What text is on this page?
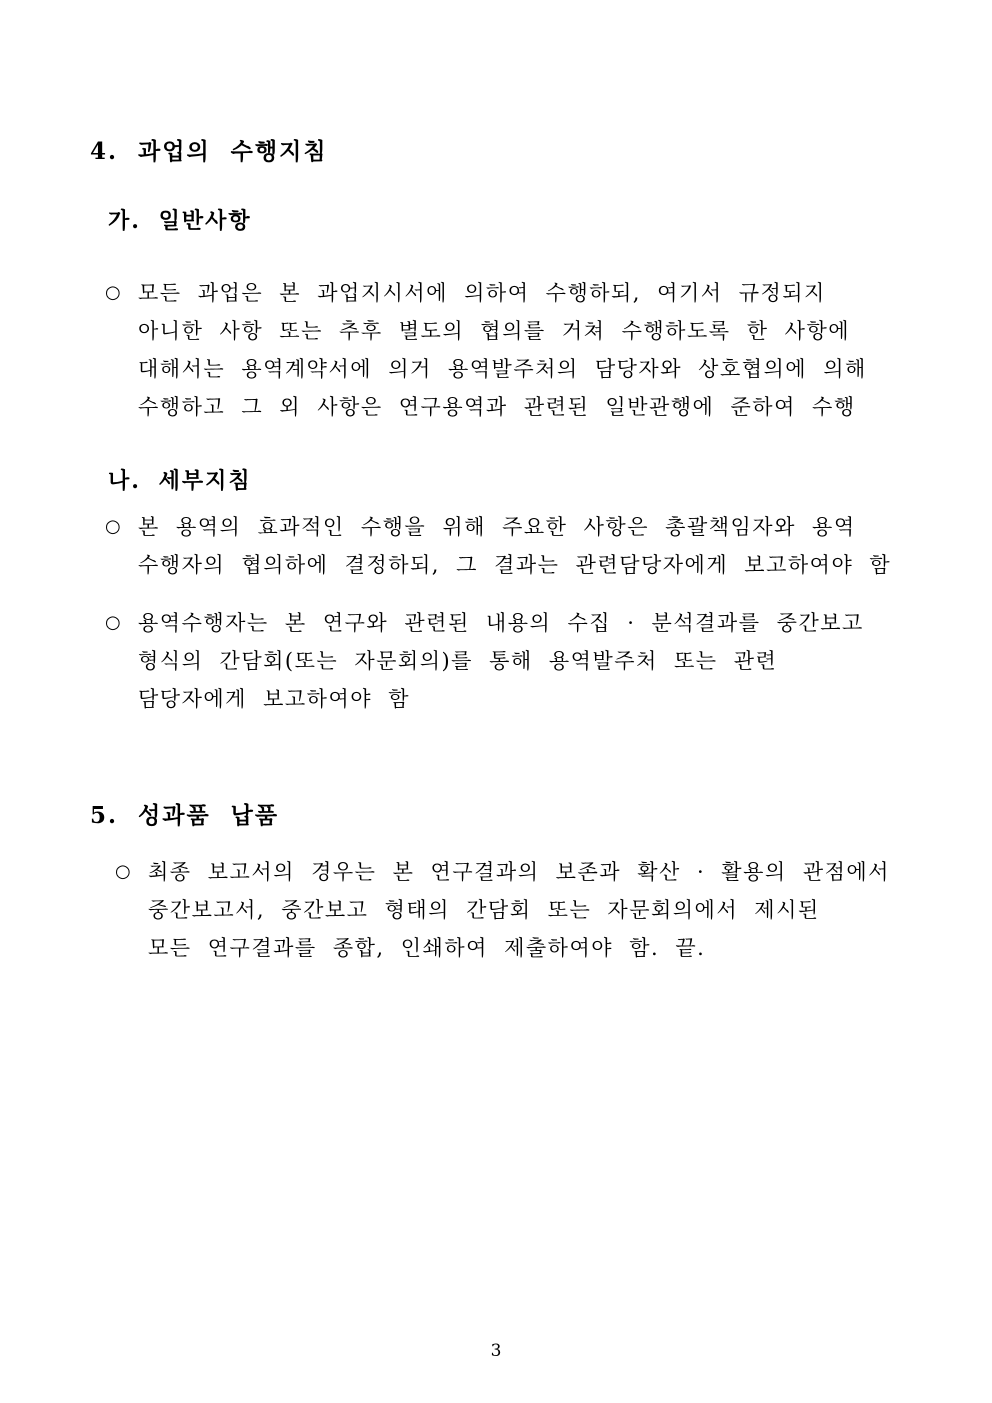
4. 과업의 수행지침
가. 일반사항
○ 모든 과업은 본 과업지시서에 의하여 수행하되, 여기서 규정되지
아니한 사항 또는 추후 별도의 협의를 거쳐 수행하도록 한 사항에
대해서는 용역계약서에 의거 용역발주처의 담당자와 상호협의에 의해
수행하고 그 외 사항은 연구용역과 관련된 일반관행에 준하여 수행
나. 세부지침
○ 본 용역의 효과적인 수행을 위해 주요한 사항은 총괄책임자와 용역
수행자의 협의하에 결정하되, 그 결과는 관련담당자에게 보고하여야 함
○ 용역수행자는 본 연구와 관련된 내용의 수집 · 분석결과를 중간보고
형식의 간담회(또는 자문회의)를 통해 용역발주처 또는 관련
담당자에게 보고하여야 함
5. 성과품 납품
○ 최종 보고서의 경우는 본 연구결과의 보존과 확산 · 활용의 관점에서
중간보고서, 중간보고 형태의 간담회 또는 자문회의에서 제시된
모든 연구결과를 종합, 인쇄하여 제출하여야 함. 끝.
3
